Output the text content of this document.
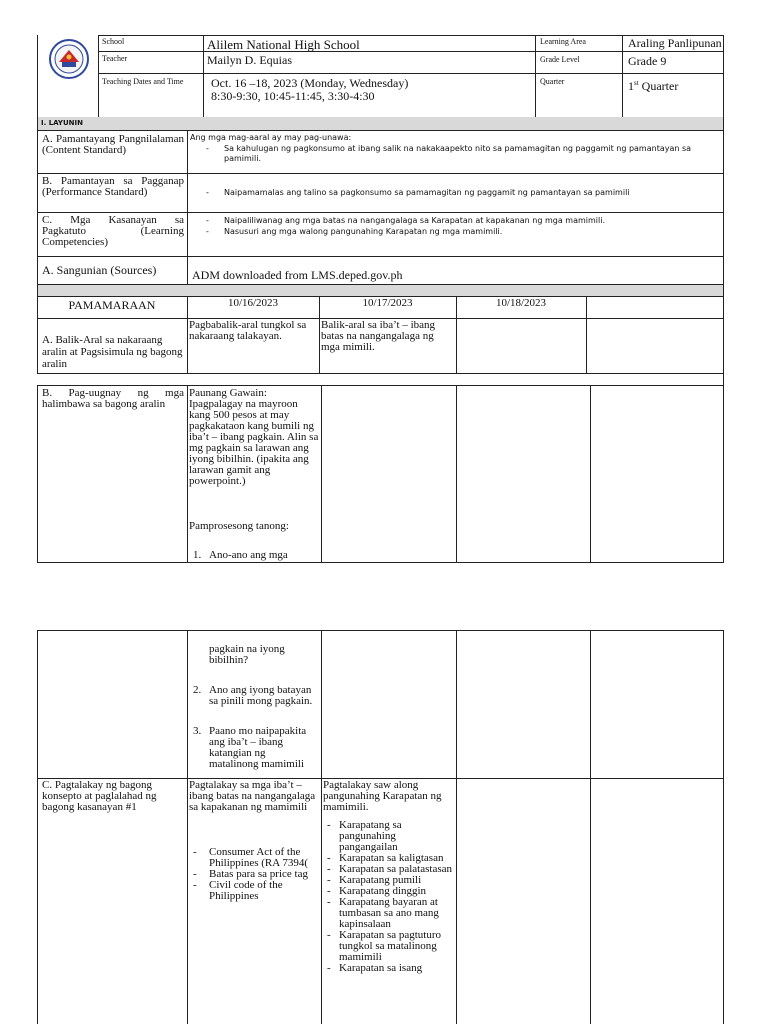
School	Alilem National High School
Teacher	Mailyn D. Equias
Teaching Dates and Time Oct. 16 –18, 2023 (Monday, Wednesday)
8:30-9:30, 10:45-11:45, 3:30-4:30
Learning Area	Araling Panlipunan
Grade Level	Grade 9
Quarter	1st Quarter
I. LAYUNIN
A. Pamantayang Pangnilalaman (Content Standard)
Ang mga mag-aaral ay may pag-unawa:
- Sa kahulugan ng pagkonsumo at ibang salik na nakakaapekto nito sa pamamagitan ng paggamit ng pamantayan sa pamimili.
B. Pamantayan sa Pagganap (Performance Standard)
-	Naipamamalas ang talino sa pagkonsumo sa pamamagitan ng paggamit ng pamantayan sa pamimili
C. Mga Kasanayan sa Pagkatuto (Learning Competencies)
- Naipaliliwanag ang mga batas na nangangalaga sa Karapatan at kapakanan ng mga mamimili.
- Nasusuri ang mga walong pangunahing Karapatan ng mga mamimili.
A. Sangunian (Sources)	ADM downloaded from LMS.deped.gov.ph
PAMAMARAAN	10/16/2023	10/17/2023	10/18/2023
A. Balik-Aral sa nakaraang aralin at Pagsisimula ng bagong aralin
Pagbabalik-aral tungkol sa nakaraang talakayan.
Balik-aral sa iba’t – ibang batas na nangangalaga ng mga mimili.
B. Pag-uugnay ng mga halimbawa sa bagong aralin
Paunang Gawain: Ipagpalagay na mayroon kang 500 pesos at may pagkakataon kang bumili ng iba’t – ibang pagkain. Alin sa mg pagkain sa larawan ang iyong bibilhin. (ipakita ang larawan gamit ang powerpoint.)
Pamprosesong tanong:
1. Ano-ano ang mga
pagkain na iyong bibilhin?
2. Ano ang iyong batayan sa pinili mong pagkain.
3. Paano mo naipapakita ang iba’t – ibang katangian ng matalinong mamimili
C. Pagtalakay ng bagong konsepto at paglalahad ng bagong kasanayan #1
Pagtalakay sa mga iba’t – ibang batas na nangangalaga sa kapakanan ng mamimili
- Consumer Act of the Philippines (RA 7394(
- Batas para sa price tag
- Civil code of the Philippines
Pagtalakay saw along pangunahing Karapatan ng mamimili.
- Karapatang sa pangunahing pangangailan
- Karapatan sa kaligtasan
- Karapatan sa palatastasan
- Karapatang pumili
- Karapatang dinggin
- Karapatang bayaran at tumbasan sa ano mang kapinsalaan
- Karapatan sa pagtuturo tungkol sa matalinong mamimili
- Karapatan sa isang
